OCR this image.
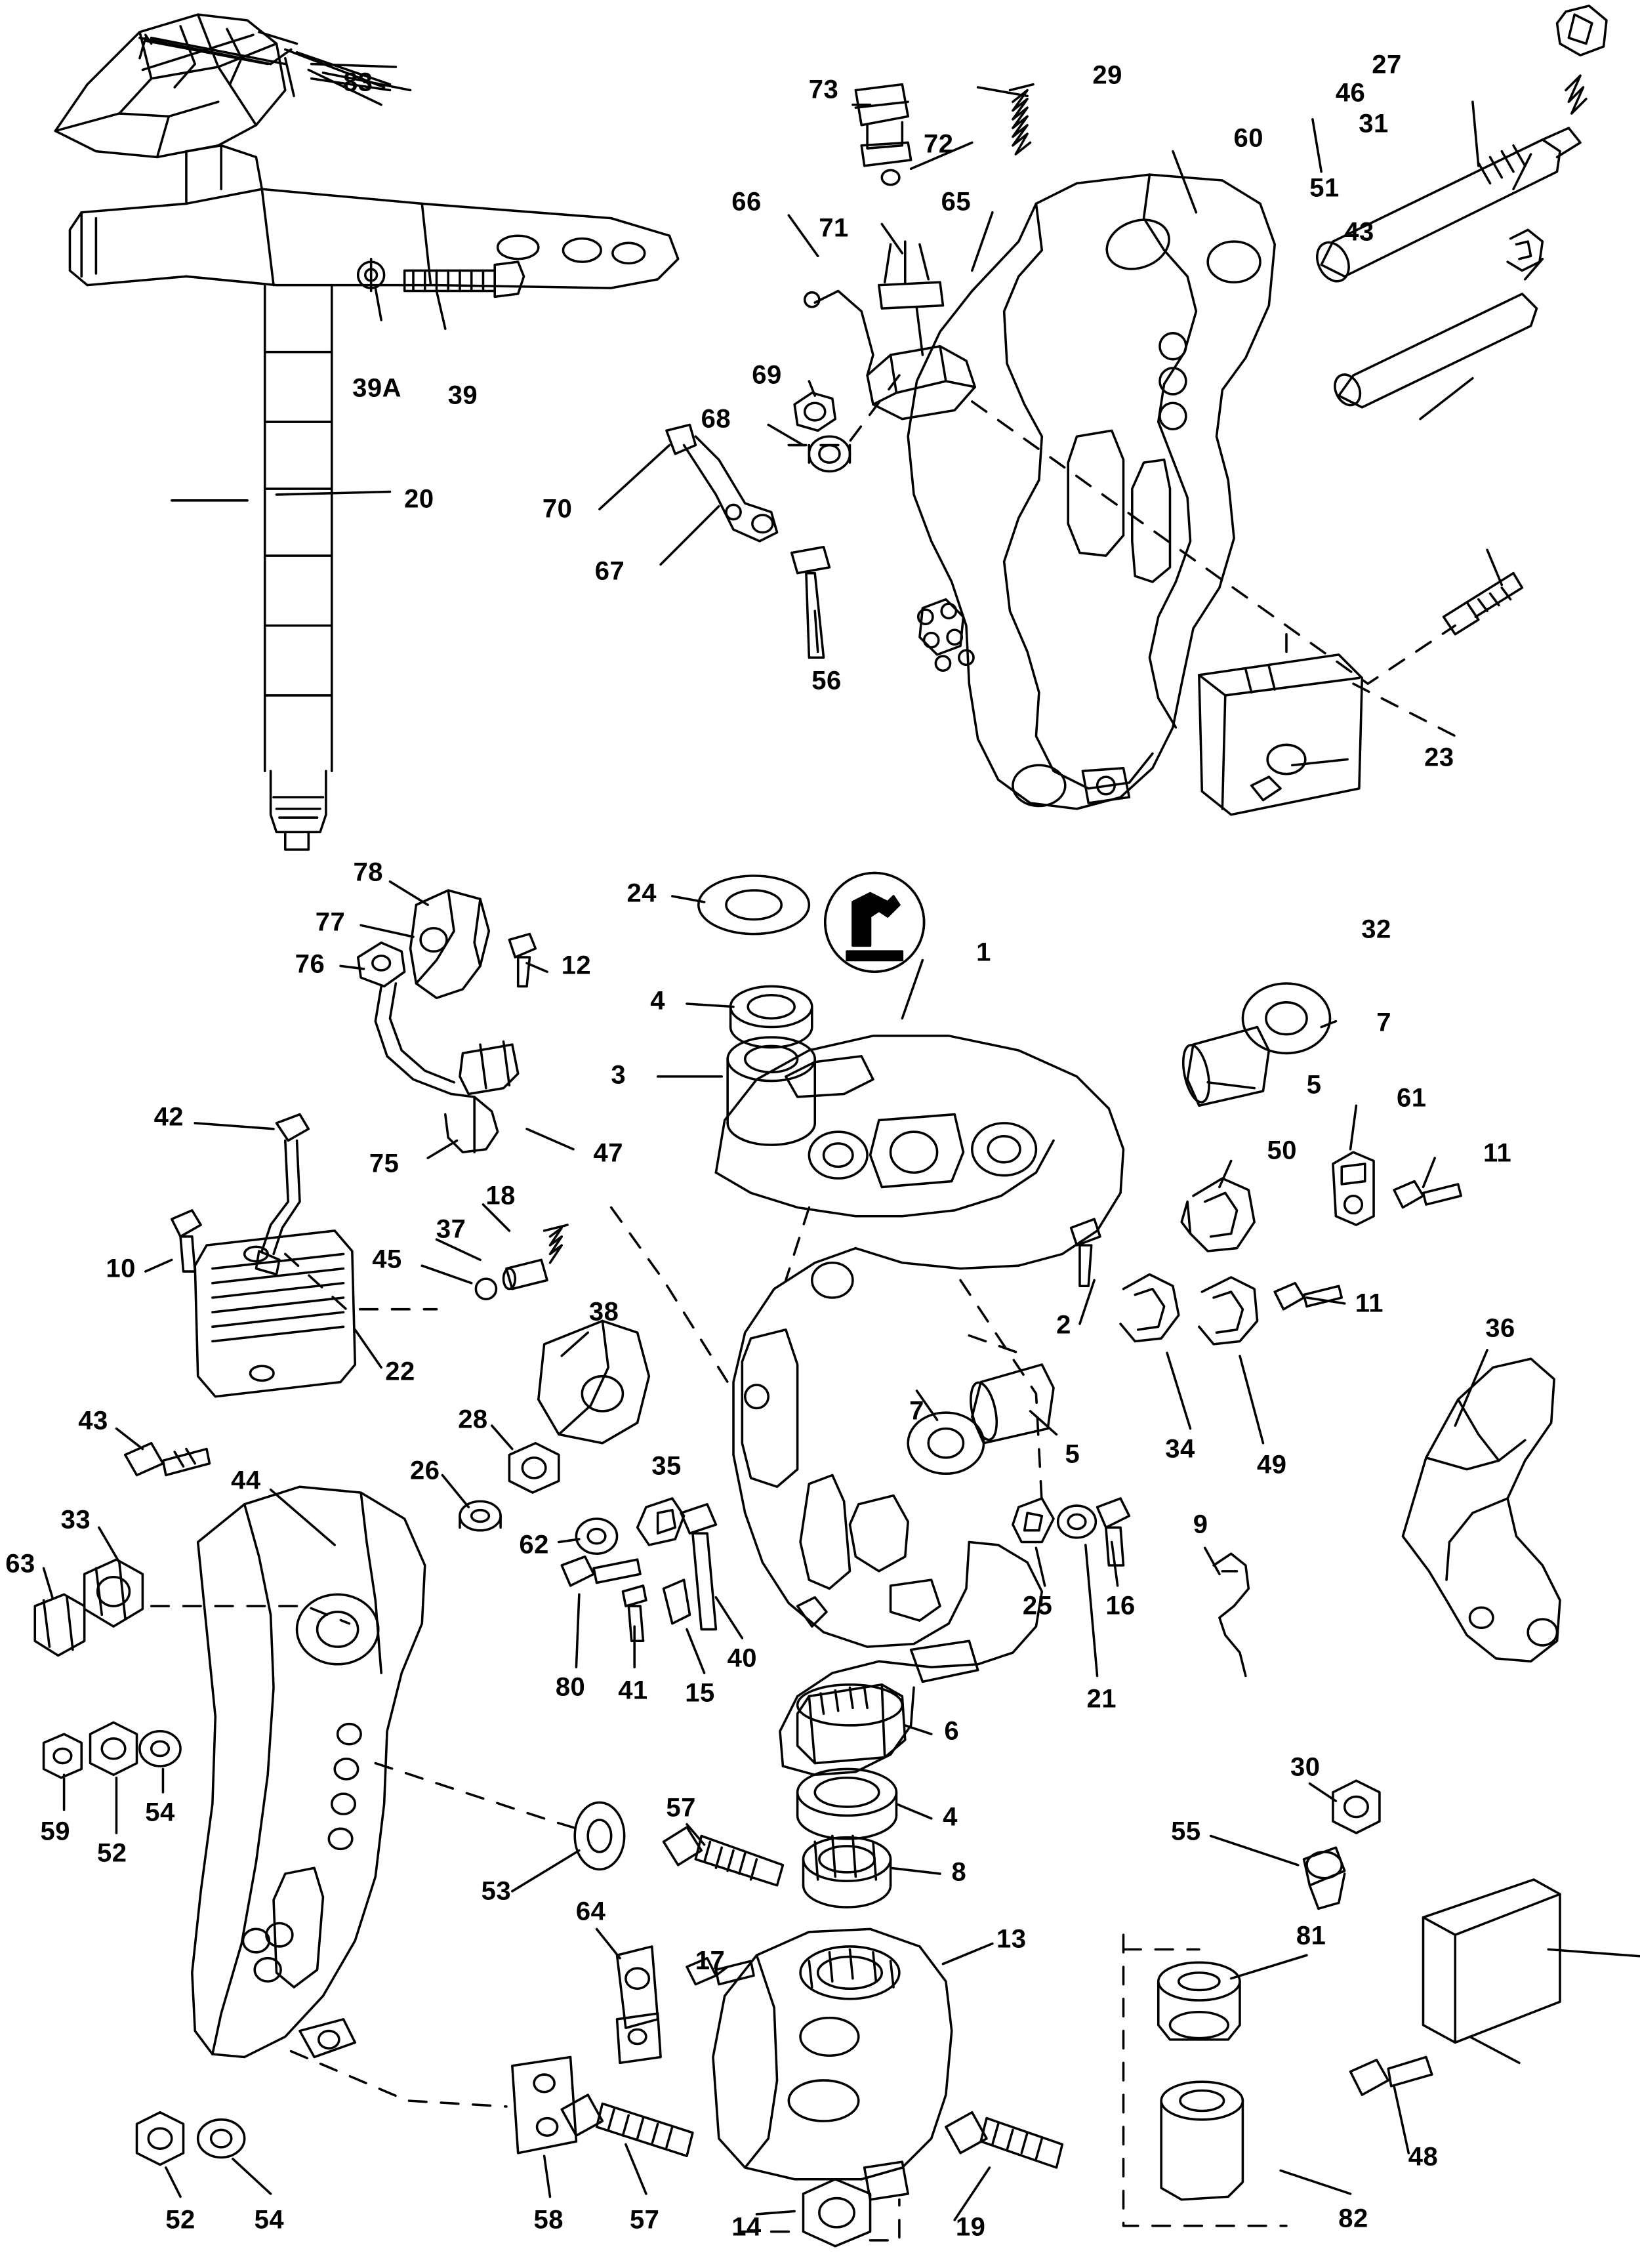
83	73
29
46
27
72	60
66
71
65
31
39A 39
51
69
68
70
20
67
43
56
23
78
24
77
1
76	12
4
7
3	5	61
47
42
11
75	50
18
37
10	45
2
38	11
36
22
34
49
7
28
5
43
26	35
44
33
62
63
25 16
9
80 41 15
40
21
6
30
59
52
54	4
57
55
8
53
64
13	81
17
32
48
19
14
52 54	58	57	82
